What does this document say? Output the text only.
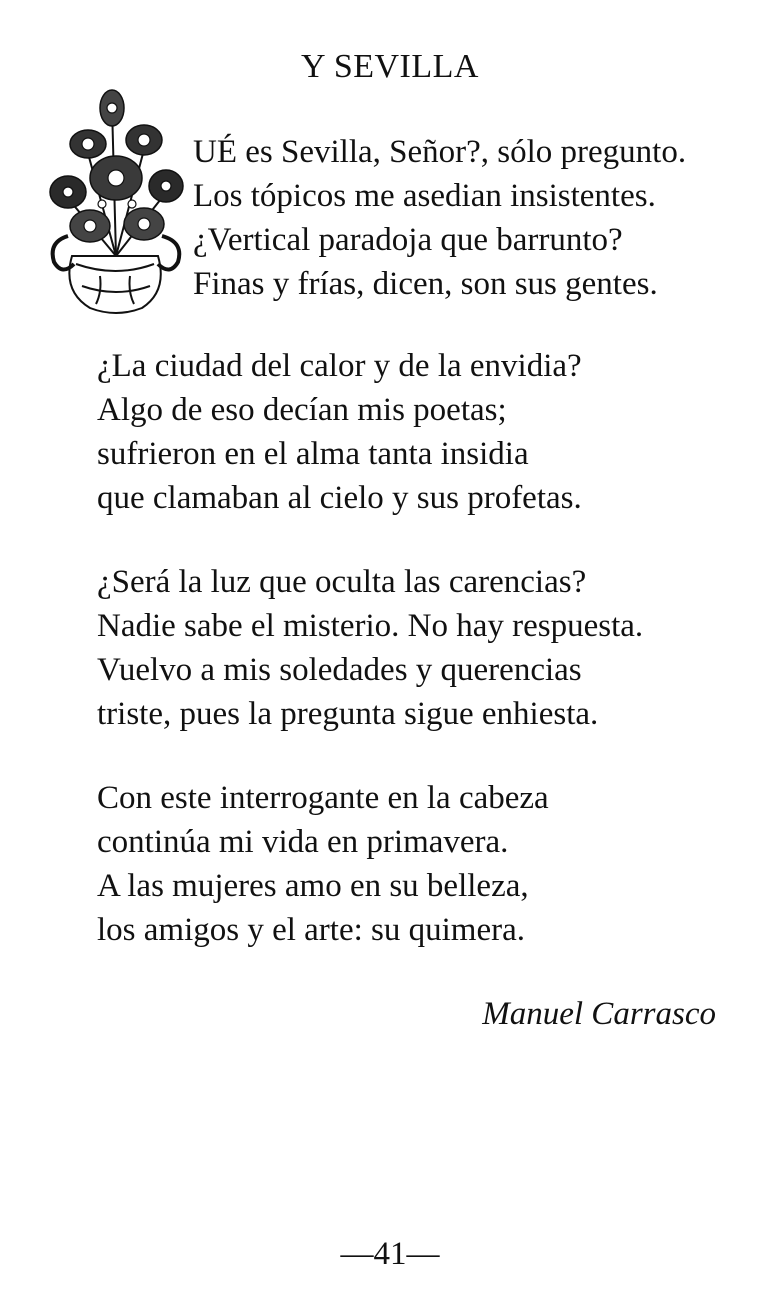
Y SEVILLA
UÉ es Sevilla, Señor?, sólo pregunto.
Los tópicos me asedian insistentes.
¿Vertical paradoja que barrunto?
Finas y frías, dicen, son sus gentes.
¿La ciudad del calor y de la envidia?
Algo de eso decían mis poetas;
sufrieron en el alma tanta insidia
que clamaban al cielo y sus profetas.
¿Será la luz que oculta las carencias?
Nadie sabe el misterio. No hay respuesta.
Vuelvo a mis soledades y querencias
triste, pues la pregunta sigue enhiesta.
Con este interrogante en la cabeza
continúa mi vida en primavera.
A las mujeres amo en su belleza,
los amigos y el arte: su quimera.
Manuel Carrasco
—41—
